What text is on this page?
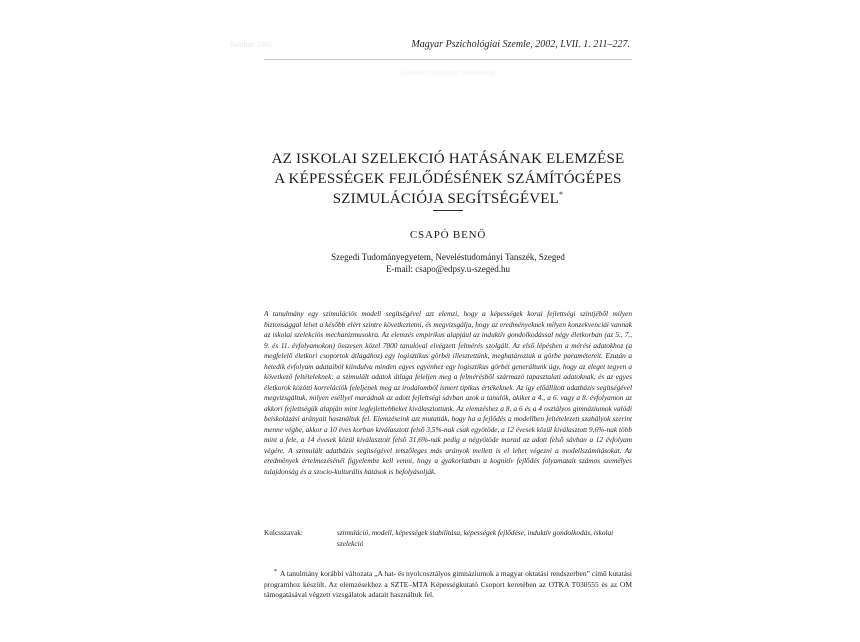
Színház 2002	Magyar Pszichológiai Szemle, 2002, LVII. 1. 211–227.
Elméleti fejlesztési tanulmány
AZ ISKOLAI SZELEKCIÓ HATÁSÁNAK ELEMZÉSE
A KÉPESSÉGEK FEJLŐDÉSÉNEK SZÁMÍTÓGÉPES
SZIMULÁCIÓJA SEGÍTSÉGÉVEL*
CSAPÓ BENŐ
Szegedi Tudományegyetem, Neveléstudományi Tanszék, Szeged
E-mail: csapo@edpsy.u-szeged.hu
A tanulmány egy szimulációs modell segítségével azt elemzi, hogy a képességek korai fejlettségi szintjéből milyen biztonsággal lehet a később elért szintre következtetni, és megvizsgálja, hogy az eredményeknek milyen konzekvenciái vannak az iskolai szelekciós mechanizmusokra. Az elemzés empirikus alapjául az induktív gondolkodással négy életkorban (az 5., 7., 9. és 11. évfolyamokon) összesen közel 7800 tanulóval elvégzett felmérés szolgált. Az első lépésben a mérési adatokhoz (a megfelelő életkori csoportok átlagához) egy logisztikus görbét illesztettünk, meghatároztuk a görbe paramétereit. Ezután a hetedik évfolyam adataiból kiindulva minden egyes egyénhez egy logisztikus görbét generáltunk úgy, hogy az eleget tegyen a következő feltételeknek: a szimulált adatok átlaga feleljen meg a felmérésből származó tapasztalati adatoknak, és az egyes életkorok közötti korrelációk feleljenek meg az irodalomból ismert tipikus értékeknek. Az így előállított adatbázis segítségével megvizsgáltuk, milyen eséllyel maradnak az adott fejlettségi sávban azok a tanulók, akiket a 4., a 6. vagy a 8. évfolyamon az akkori fejlettségük alapján mint legfejlettebbeket kiválasztottunk. Az elemzéshez a 8, a 6 és a 4 osztályos gimnáziumok valódi beiskolázási arányait használtuk fel. Elemzéseink azt mutatták, hogy ha a fejlődés a modellben feltételezett szabályok szerint menne végbe, akkor a 10 éves korban kiválasztott felső 3,5%-nak csak egyötöde, a 12 évesek közül kiválasztott 9,6%-nak több mint a fele, a 14 évesek közül kiválasztott felső 31,6%-nak pedig a négyötöde marad az adott felső sávban a 12 évfolyam végére. A szimulált adatbázis segítségével tetszőleges más arányok mellett is el lehet végezni a modellszámításokat. Az eredmények értelmezésénél figyelembe kell venni, hogy a gyakorlatban a kognitív fejlődés folyamatait számos személyes tulajdonság és a szocio-kulturális hatások is befolyásolják.
Kulcsszavak:	szimuláció, modell, képességek stabilitása, képességek fejlődése, induktív gondolkodás, iskolai szelekció
* A tanulmány korábbi változata „A hat- és nyolcosztályos gimnáziumok a magyar oktatási rendszerben” című kutatási programhoz készült. Az elemzésekhez a SZTE–MTA Képességkutató Csoport keretében az OTKA T030555 és az OM támogatásával végzett vizsgálatok adatait használtuk fel.
